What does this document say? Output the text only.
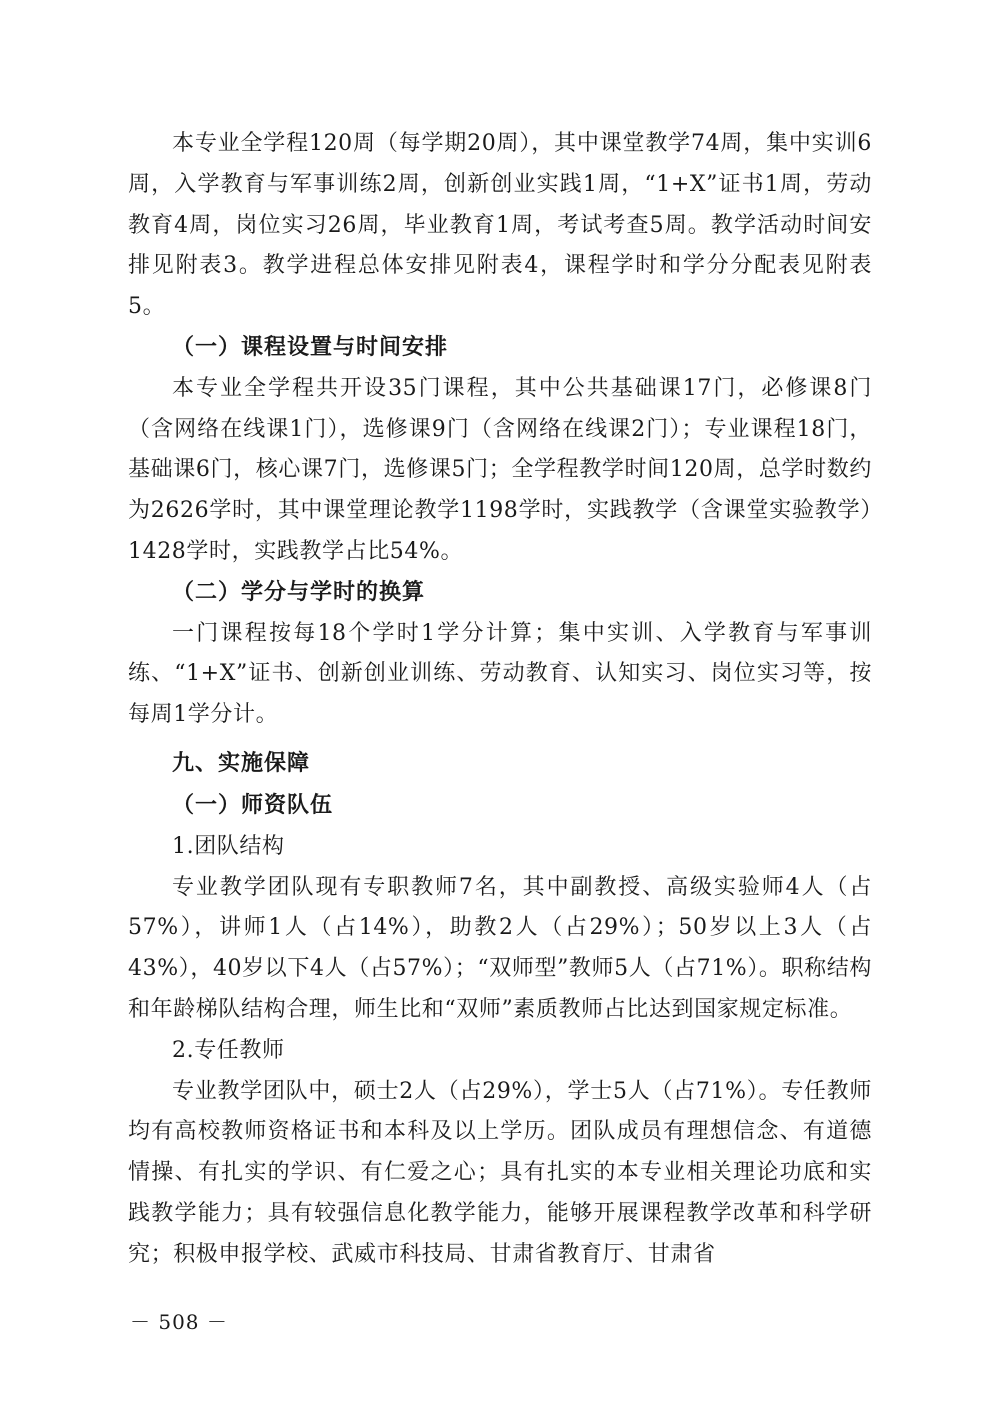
本专业全学程120周（每学期20周），其中课堂教学74周，集中实训6周，入学教育与军事训练2周，创新创业实践1周，“1+X”证书1周，劳动教育4周，岗位实习26周，毕业教育1周，考试考查5周。教学活动时间安排见附表3。教学进程总体安排见附表4，课程学时和学分分配表见附表5。

（一）课程设置与时间安排

本专业全学程共开设35门课程，其中公共基础课17门，必修课8门（含网络在线课1门），选修课9门（含网络在线课2门）；专业课程18门，基础课6门，核心课7门，选修课5门；全学程教学时间120周，总学时数约为2626学时，其中课堂理论教学1198学时，实践教学（含课堂实验教学）1428学时，实践教学占比54%。

（二）学分与学时的换算

一门课程按每18个学时1学分计算；集中实训、入学教育与军事训练、“1+X”证书、创新创业训练、劳动教育、认知实习、岗位实习等，按每周1学分计。

九、实施保障

（一）师资队伍

1.团队结构

专业教学团队现有专职教师7名，其中副教授、高级实验师4人（占57%），讲师1人（占14%），助教2人（占29%）；50岁以上3人（占43%），40岁以下4人（占57%）；“双师型”教师5人（占71%）。职称结构和年龄梯队结构合理，师生比和“双师”素质教师占比达到国家规定标准。

2.专任教师

专业教学团队中，硕士2人（占29%），学士5人（占71%）。专任教师均有高校教师资格证书和本科及以上学历。团队成员有理想信念、有道德情操、有扎实的学识、有仁爱之心；具有扎实的本专业相关理论功底和实践教学能力；具有较强信息化教学能力，能够开展课程教学改革和科学研究；积极申报学校、武威市科技局、甘肃省教育厅、甘肃省

－ 508 －
